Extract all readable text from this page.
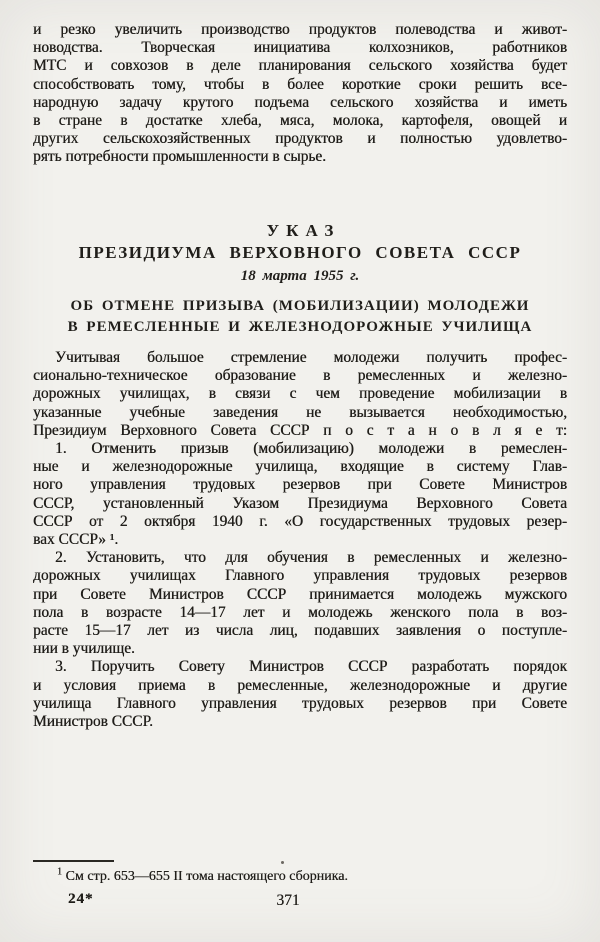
и резко увеличить производство продуктов полеводства и живот-
новодства. Творческая инициатива колхозников, работников
МТС и совхозов в деле планирования сельского хозяйства будет
способствовать тому, чтобы в более короткие сроки решить все-
народную задачу крутого подъема сельского хозяйства и иметь
в стране в достатке хлеба, мяса, молока, картофеля, овощей и
других сельскохозяйственных продуктов и полностью удовлетво-
рять потребности промышленности в сырье.
УКАЗ
ПРЕЗИДИУМА ВЕРХОВНОГО СОВЕТА СССР
18 марта 1955 г.
ОБ ОТМЕНЕ ПРИЗЫВА (МОБИЛИЗАЦИИ) МОЛОДЕЖИ
В РЕМЕСЛЕННЫЕ И ЖЕЛЕЗНОДОРОЖНЫЕ УЧИЛИЩА
Учитывая большое стремление молодежи получить профес-
сионально-техническое образование в ремесленных и железно-
дорожных училищах, в связи с чем проведение мобилизации в
указанные учебные заведения не вызывается необходимостью,
Президиум Верховного Совета СССР п о с т а н о в л я е т:
1. Отменить призыв (мобилизацию) молодежи в ремеслен-
ные и железнодорожные училища, входящие в систему Глав-
ного управления трудовых резервов при Совете Министров
СССР, установленный Указом Президиума Верховного Совета
СССР от 2 октября 1940 г. «О государственных трудовых резер-
вах СССР» ¹.
2. Установить, что для обучения в ремесленных и железно-
дорожных училищах Главного управления трудовых резервов
при Совете Министров СССР принимается молодежь мужского
пола в возрасте 14—17 лет и молодежь женского пола в воз-
расте 15—17 лет из числа лиц, подавших заявления о поступле-
нии в училище.
3. Поручить Совету Министров СССР разработать порядок
и условия приема в ремесленные, железнодорожные и другие
училища Главного управления трудовых резервов при Совете
Министров СССР.
$^1$ См стр. 653—655 II тома настоящего сборника.
24*	371
